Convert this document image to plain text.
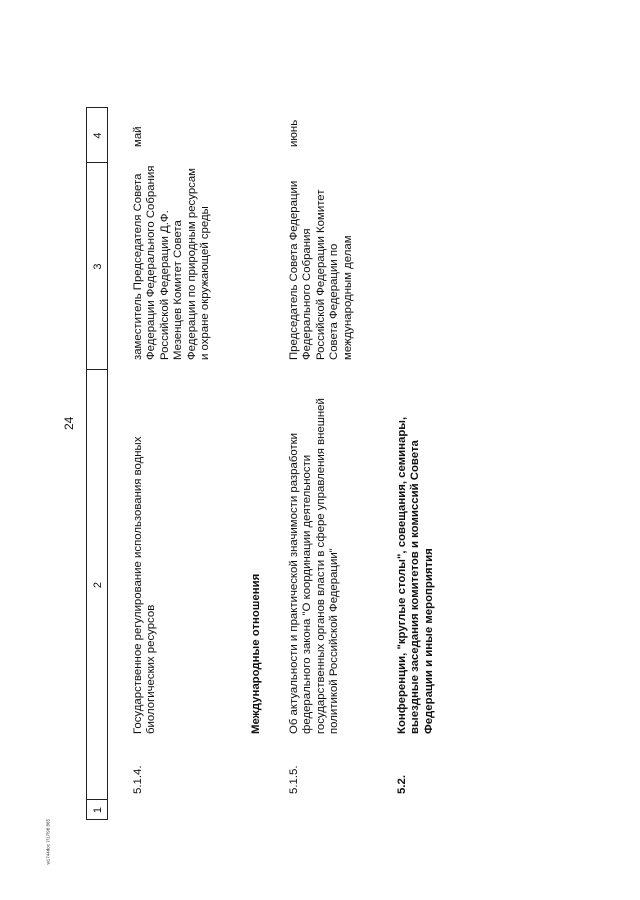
24
w1744doc 7/17/98 865
1
2
3
4
5.1.4.
Государственное регулирование использования водных биологических ресурсов
заместитель Председателя Совета Федерации Федерального Собрания Российской Федерации Д.Ф. Мезенцев Комитет Совета Федерации по природным ресурсам и охране окружающей среды
май
Международные отношения
5.1.5.
Об актуальности и практической значимости разработки федерального закона "О координации деятельности государственных органов власти в сфере управления внешней политикой Российской Федерации"
Председатель Совета Федерации Федерального Собрания Российской Федерации Комитет Совета Федерации по международным делам
июнь
5.2.
Конференции, "круглые столы", совещания, семинары, выездные заседания комитетов и комиссий Совета Федерации и иные мероприятия
